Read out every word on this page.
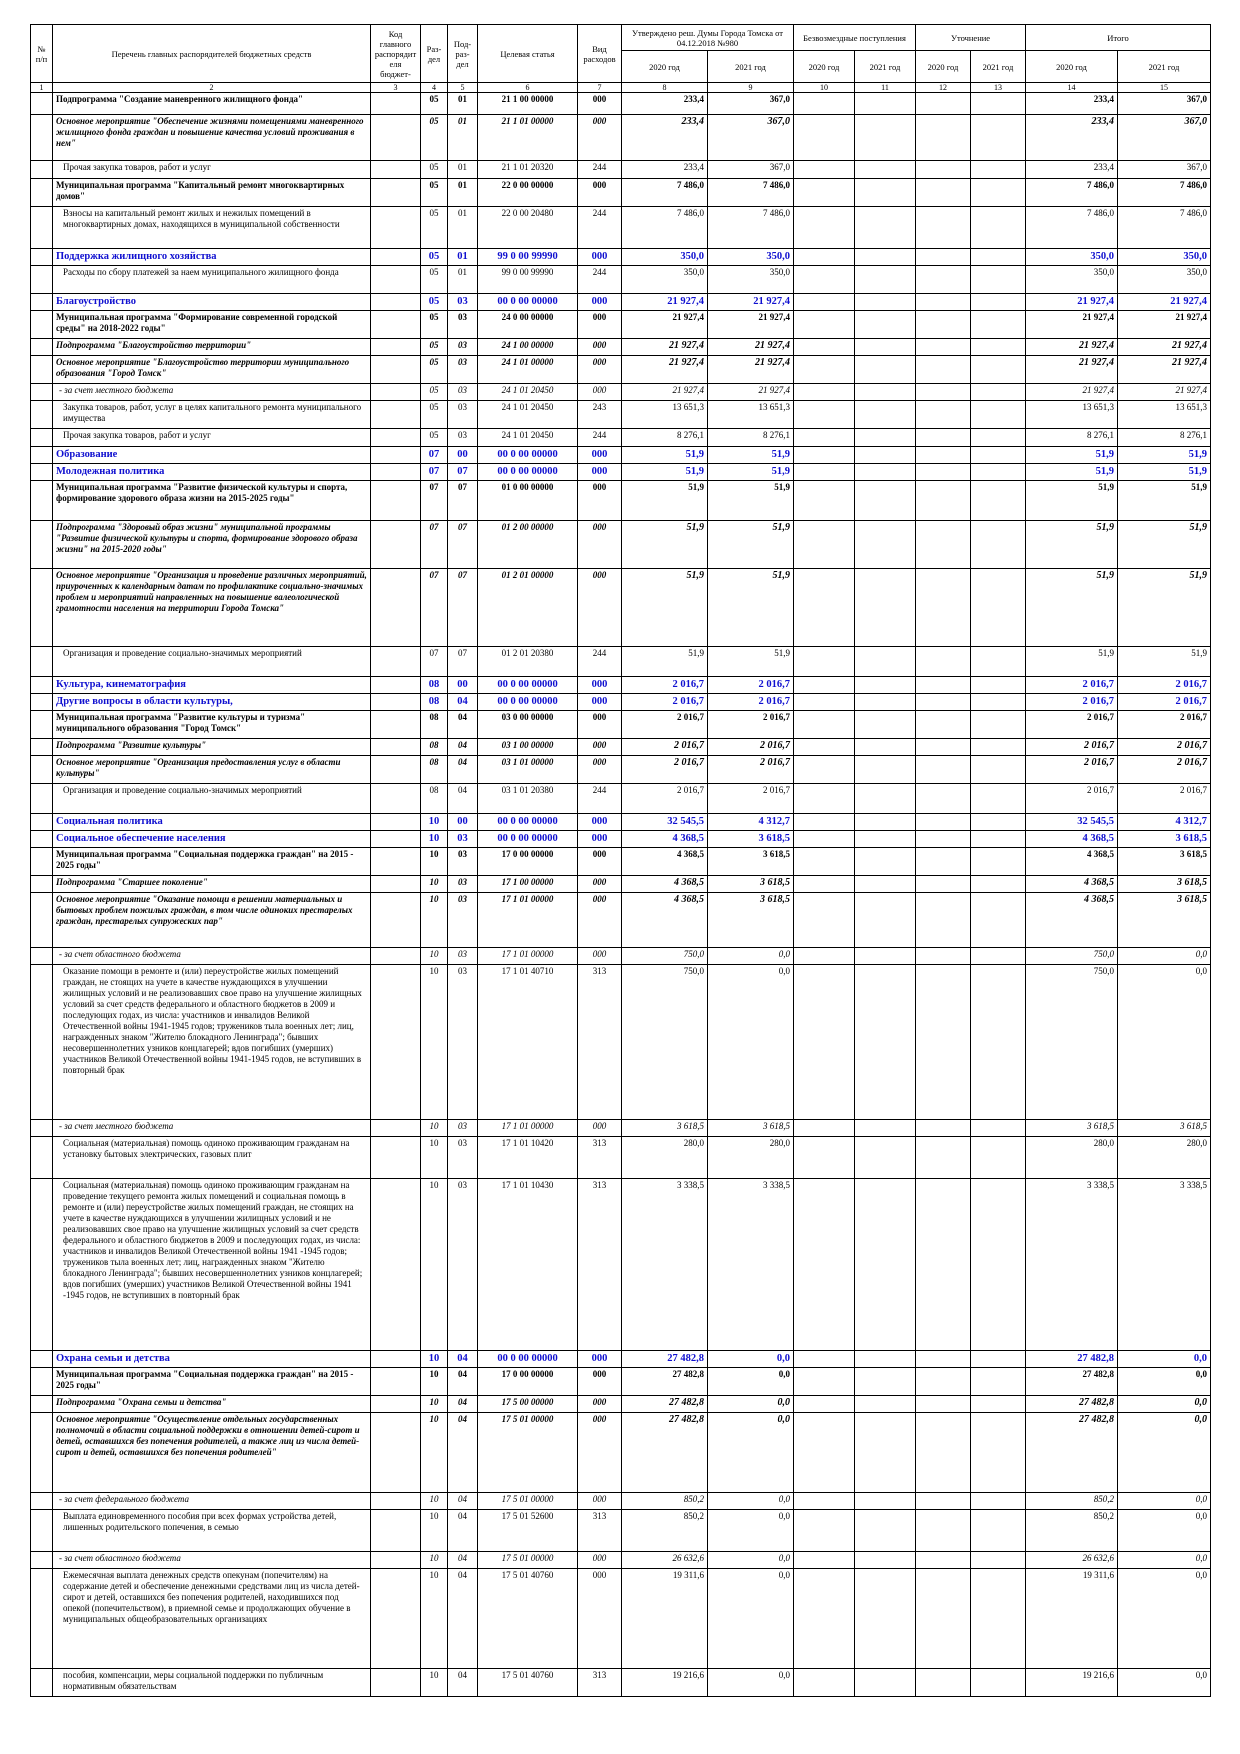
№ п/п	Перечень главных распорядителей бюджетных средств	Код главного распорядителя бюджет-	Раз-дел	Под-раз-дел	Целевая статья	Вид расходов	Утверждено реш. Думы Города Томска от 04.12.2018 №980		Безвозмездные поступления		Уточнение		Итого	
							2020 год	2021 год	2020 год	2021 год	2020 год	2021 год	2020 год	2021 год
1	2	3	4	5	6	7	8	9	10	11	12	13	14	15
	Подпрограмма "Создание маневренного жилищного фонда"		05	01	21 1 00 00000	000	233,4	367,0					233,4	367,0
	Основное мероприятие "Обеспечение жизнями помещениями маневренного жилищного фонда граждан и повышение качества условий проживания в нем"		05	01	21 1 01 00000	000	233,4	367,0					233,4	367,0
	Прочая закупка товаров, работ и услуг		05	01	21 1 01 20320	244	233,4	367,0					233,4	367,0
	Муниципальная программа "Капитальный ремонт многоквартирных домов"		05	01	22 0 00 00000	000	7 486,0	7 486,0					7 486,0	7 486,0
	Взносы на капитальный ремонт жилых и нежилых помещений в многоквартирных домах, находящихся в муниципальной собственности		05	01	22 0 00 20480	244	7 486,0	7 486,0					7 486,0	7 486,0
	Поддержка жилищного хозяйства		05	01	99 0 00 99990	000	350,0	350,0					350,0	350,0
	Расходы по сбору платежей за наем муниципального жилищного фонда		05	01	99 0 00 99990	244	350,0	350,0					350,0	350,0
	Благоустройство		05	03	00 0 00 00000	000	21 927,4	21 927,4					21 927,4	21 927,4
	Муниципальная программа "Формирование современной городской среды" на 2018-2022 годы"		05	03	24 0 00 00000	000	21 927,4	21 927,4					21 927,4	21 927,4
	Подпрограмма "Благоустройство территории"		05	03	24 1 00 00000	000	21 927,4	21 927,4					21 927,4	21 927,4
	Основное мероприятие "Благоустройство территории муниципального образования "Город Томск"		05	03	24 1 01 00000	000	21 927,4	21 927,4					21 927,4	21 927,4
	- за счет местного бюджета		05	03	24 1 01 20450	000	21 927,4	21 927,4					21 927,4	21 927,4
	Закупка товаров, работ, услуг в целях капитального ремонта муниципального имущества		05	03	24 1 01 20450	243	13 651,3	13 651,3					13 651,3	13 651,3
	Прочая закупка товаров, работ и услуг		05	03	24 1 01 20450	244	8 276,1	8 276,1					8 276,1	8 276,1
	Образование		07	00	00 0 00 00000	000	51,9	51,9					51,9	51,9
	Молодежная политика		07	07	00 0 00 00000	000	51,9	51,9					51,9	51,9
	Муниципальная программа "Развитие физической культуры и спорта, формирование здорового образа жизни на 2015-2025 годы"		07	07	01 0 00 00000	000	51,9	51,9					51,9	51,9
	Подпрограмма "Здоровый образ жизни" муниципальной программы "Развитие физической культуры и спорта, формирование здорового образа жизни" на 2015-2020 годы"		07	07	01 2 00 00000	000	51,9	51,9					51,9	51,9
	Основное мероприятие "Организация и проведение различных мероприятий, приуроченных к календарным датам по профилактике социально-значимых проблем и мероприятий направленных на повышение валеологической грамотности населения на территории Города Томска"		07	07	01 2 01 00000	000	51,9	51,9					51,9	51,9
	Организация и проведение социально-значимых мероприятий		07	07	01 2 01 20380	244	51,9	51,9					51,9	51,9
	Культура, кинематография		08	00	00 0 00 00000	000	2 016,7	2 016,7					2 016,7	2 016,7
	Другие вопросы в области культуры,		08	04	00 0 00 00000	000	2 016,7	2 016,7					2 016,7	2 016,7
	Муниципальная программа "Развитие культуры и туризма" муниципального образования "Город Томск"		08	04	03 0 00 00000	000	2 016,7	2 016,7					2 016,7	2 016,7
	Подпрограмма "Развитие культуры"		08	04	03 1 00 00000	000	2 016,7	2 016,7					2 016,7	2 016,7
	Основное мероприятие "Организация предоставления услуг в области культуры"		08	04	03 1 01 00000	000	2 016,7	2 016,7					2 016,7	2 016,7
	Организация и проведение социально-значимых мероприятий		08	04	03 1 01 20380	244	2 016,7	2 016,7					2 016,7	2 016,7
	Социальная политика		10	00	00 0 00 00000	000	32 545,5	4 312,7					32 545,5	4 312,7
	Социальное обеспечение населения		10	03	00 0 00 00000	000	4 368,5	3 618,5					4 368,5	3 618,5
	Муниципальная программа "Социальная поддержка граждан" на 2015 - 2025 годы"		10	03	17 0 00 00000	000	4 368,5	3 618,5					4 368,5	3 618,5
	Подпрограмма "Старшее поколение"		10	03	17 1 00 00000	000	4 368,5	3 618,5					4 368,5	3 618,5
	Основное мероприятие "Оказание помощи в решении материальных и бытовых проблем пожилых граждан, в том числе одиноких престарелых граждан, престарелых супружеских пар"		10	03	17 1 01 00000	000	4 368,5	3 618,5					4 368,5	3 618,5
	- за счет областного бюджета		10	03	17 1 01 00000	000	750,0	0,0					750,0	0,0
	Оказание помощи в ремонте и (или) переустройстве жилых помещений граждан, не стоящих на учете в качестве нуждающихся в улучшении жилищных условий и не реализовавших свое право на улучшение жилищных условий за счет средств федерального и областного бюджетов в 2009 и последующих годах, из числа: участников и инвалидов Великой Отечественной войны 1941-1945 годов; тружеников тыла военных лет; лиц, награжденных знаком "Жителю блокадного Ленинграда"; бывших несовершеннолетних узников концлагерей; вдов погибших (умерших) участников Великой Отечественной войны 1941-1945 годов, не вступивших в повторный брак		10	03	17 1 01 40710	313	750,0	0,0					750,0	0,0
	- за счет местного бюджета		10	03	17 1 01 00000	000	3 618,5	3 618,5					3 618,5	3 618,5
	Социальная (материальная) помощь одиноко проживающим гражданам на установку бытовых электрических, газовых плит		10	03	17 1 01 10420	313	280,0	280,0					280,0	280,0
	Социальная (материальная) помощь одиноко проживающим гражданам на проведение текущего ремонта жилых помещений и социальная помощь в ремонте и (или) переустройстве жилых помещений граждан, не стоящих на учете в качестве нуждающихся в улучшении жилищных условий и не реализовавших свое право на улучшение жилищных условий за счет средств федерального и областного бюджетов в 2009 и последующих годах, из числа: участников и инвалидов Великой Отечественной войны 1941 -1945 годов; тружеников тыла военных лет; лиц, награжденных знаком "Жителю блокадного Ленинграда"; бывших несовершеннолетних узников концлагерей; вдов погибших (умерших) участников Великой Отечественной войны 1941 -1945 годов, не вступивших в повторный брак		10	03	17 1 01 10430	313	3 338,5	3 338,5					3 338,5	3 338,5
	Охрана семьи и детства		10	04	00 0 00 00000	000	27 482,8	0,0					27 482,8	0,0
	Муниципальная программа "Социальная поддержка граждан" на 2015 - 2025 годы"		10	04	17 0 00 00000	000	27 482,8	0,0					27 482,8	0,0
	Подпрограмма "Охрана семьи и детства"		10	04	17 5 00 00000	000	27 482,8	0,0					27 482,8	0,0
	Основное мероприятие "Осуществление отдельных государственных полномочий в области социальной поддержки в отношении детей-сирот и детей, оставшихся без попечения родителей, а также лиц из числа детей-сирот и детей, оставшихся без попечения родителей"		10	04	17 5 01 00000	000	27 482,8	0,0					27 482,8	0,0
	- за счет федерального бюджета		10	04	17 5 01 00000	000	850,2	0,0					850,2	0,0
	Выплата единовременного пособия при всех формах устройства детей, лишенных родительского попечения, в семью		10	04	17 5 01 52600	313	850,2	0,0					850,2	0,0
	- за счет областного бюджета		10	04	17 5 01 00000	000	26 632,6	0,0					26 632,6	0,0
	Ежемесячная выплата денежных средств опекунам (попечителям) на содержание детей и обеспечение денежными средствами лиц из числа детей-сирот и детей, оставшихся без попечения родителей, находившихся под опекой (попечительством), в приемной семье и продолжающих обучение в муниципальных общеобразовательных организациях		10	04	17 5 01 40760	000	19 311,6	0,0					19 311,6	0,0
	пособия, компенсации, меры социальной поддержки по публичным нормативным обязательствам		10	04	17 5 01 40760	313	19 216,6	0,0					19 216,6	0,0
